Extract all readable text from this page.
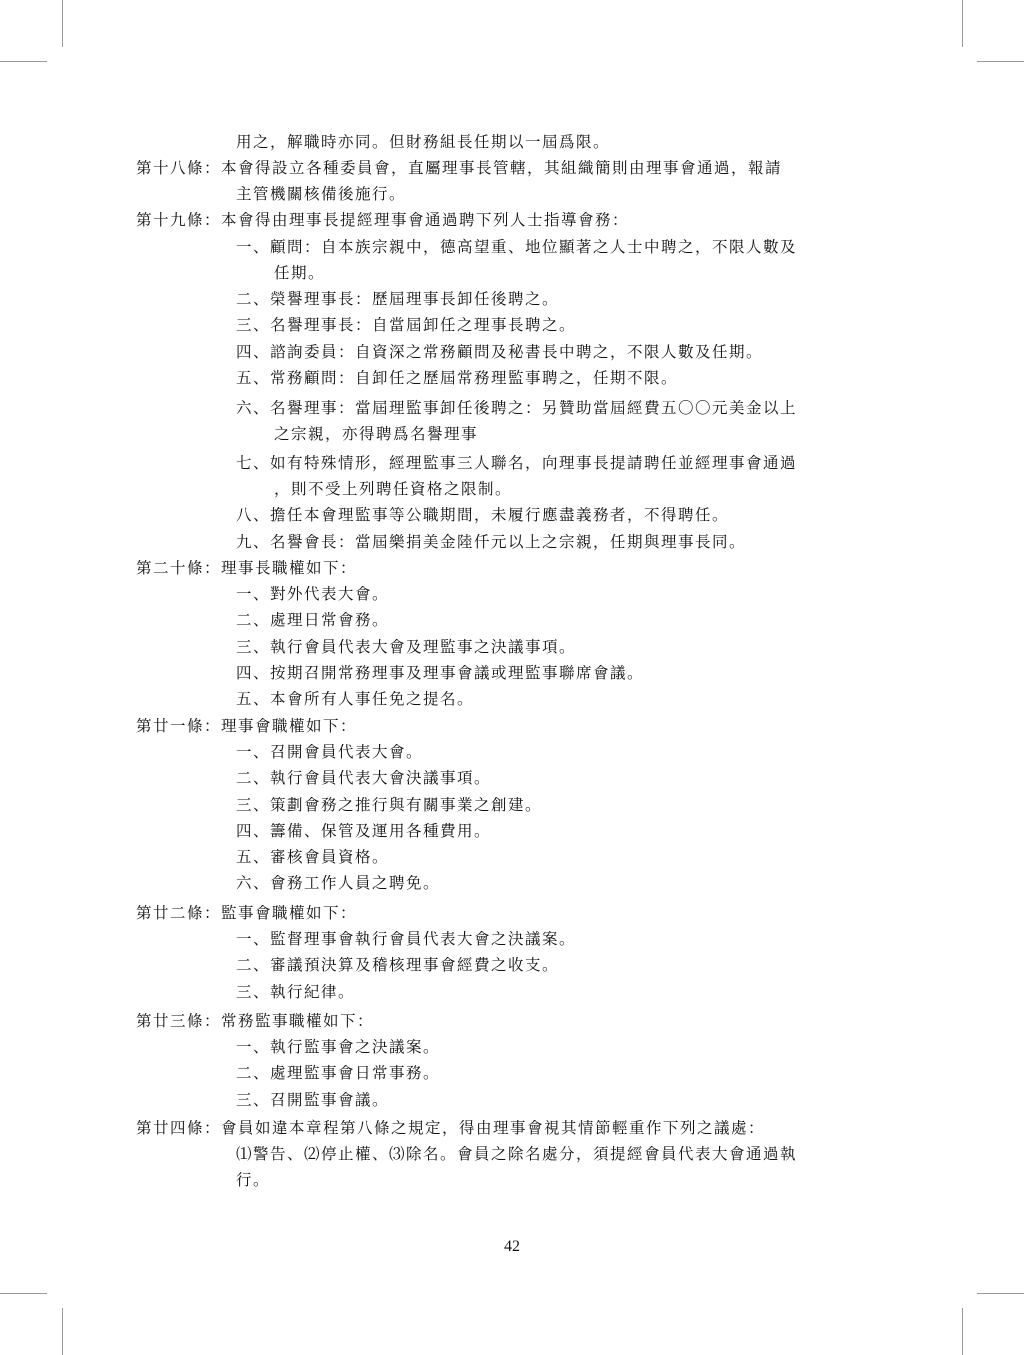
用之，解職時亦同。但財務組長任期以一屆爲限。
第十八條：本會得設立各種委員會，直屬理事長管轄，其組織簡則由理事會通過，報請
主管機關核備後施行。
第十九條：本會得由理事長提經理事會通過聘下列人士指導會務：
一、顧問：自本族宗親中，德高望重、地位顯著之人士中聘之，不限人數及
任期。
二、榮譽理事長：歷屆理事長卸任後聘之。
三、名譽理事長：自當屆卸任之理事長聘之。
四、諮詢委員：自資深之常務顧問及秘書長中聘之，不限人數及任期。
五、常務顧問：自卸任之歷屆常務理監事聘之，任期不限。
六、名譽理事：當屆理監事卸任後聘之：另贊助當屆經費五〇〇元美金以上
之宗親，亦得聘爲名譽理事
七、如有特殊情形，經理監事三人聯名，向理事長提請聘任並經理事會通過
，則不受上列聘任資格之限制。
八、擔任本會理監事等公職期間，未履行應盡義務者，不得聘任。
九、名譽會長：當屆樂捐美金陸仟元以上之宗親，任期與理事長同。
第二十條：理事長職權如下：
一、對外代表大會。
二、處理日常會務。
三、執行會員代表大會及理監事之決議事項。
四、按期召開常務理事及理事會議或理監事聯席會議。
五、本會所有人事任免之提名。
第廿一條：理事會職權如下：
一、召開會員代表大會。
二、執行會員代表大會決議事項。
三、策劃會務之推行與有關事業之創建。
四、籌備、保管及運用各種費用。
五、審核會員資格。
六、會務工作人員之聘免。
第廿二條：監事會職權如下：
一、監督理事會執行會員代表大會之決議案。
二、審議預決算及稽核理事會經費之收支。
三、執行紀律。
第廿三條：常務監事職權如下：
一、執行監事會之決議案。
二、處理監事會日常事務。
三、召開監事會議。
第廿四條：會員如違本章程第八條之規定，得由理事會視其情節輕重作下列之議處：
⑴警告、⑵停止權、⑶除名。會員之除名處分，須提經會員代表大會通過執
行。
42
